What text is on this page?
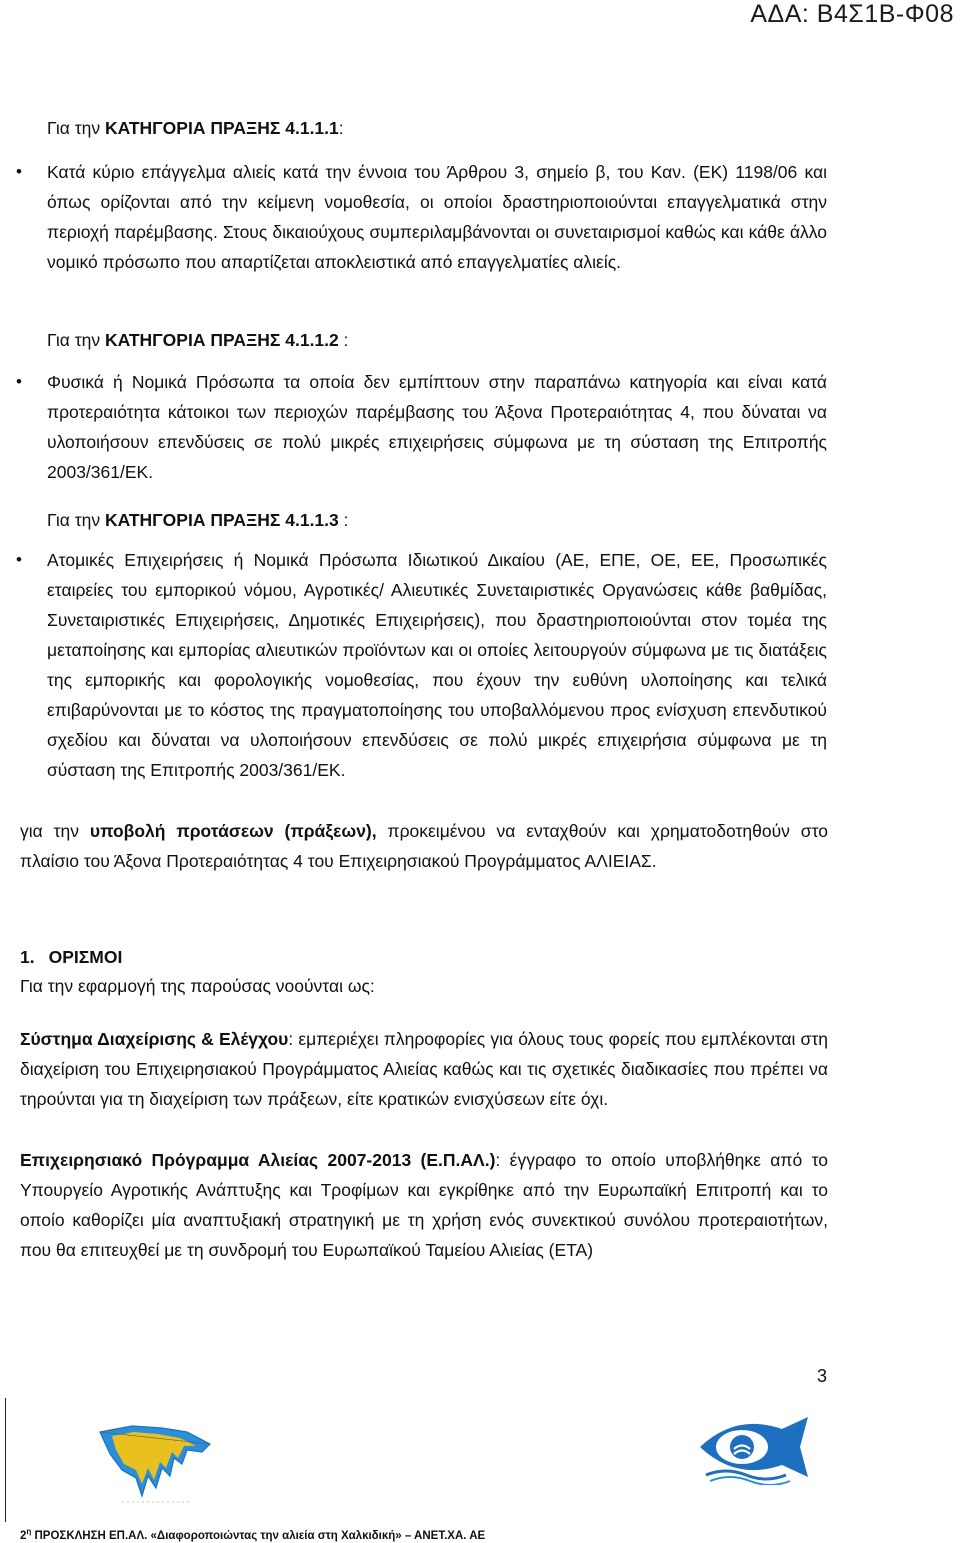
ΑΔΑ: Β4Σ1Β-Φ08
Για την ΚΑΤΗΓΟΡΙΑ ΠΡΑΞΗΣ 4.1.1.1:
• Κατά κύριο επάγγελμα αλιείς κατά την έννοια του Άρθρου 3, σημείο β, του Καν. (ΕΚ) 1198/06 και όπως ορίζονται από την κείμενη νομοθεσία, οι οποίοι δραστηριοποιούνται επαγγελματικά στην περιοχή παρέμβασης. Στους δικαιούχους συμπεριλαμβάνονται οι συνεταιρισμοί καθώς και κάθε άλλο νομικό πρόσωπο που απαρτίζεται αποκλειστικά από επαγγελματίες αλιείς.
Για την ΚΑΤΗΓΟΡΙΑ ΠΡΑΞΗΣ 4.1.1.2 :
• Φυσικά ή Νομικά Πρόσωπα τα οποία δεν εμπίπτουν στην παραπάνω κατηγορία και είναι κατά προτεραιότητα κάτοικοι των περιοχών παρέμβασης του Άξονα Προτεραιότητας 4, που δύναται να υλοποιήσουν επενδύσεις σε πολύ μικρές επιχειρήσεις σύμφωνα με τη σύσταση της Επιτροπής 2003/361/ΕΚ.
Για την ΚΑΤΗΓΟΡΙΑ ΠΡΑΞΗΣ 4.1.1.3 :
• Ατομικές Επιχειρήσεις ή Νομικά Πρόσωπα Ιδιωτικού Δικαίου (ΑΕ, ΕΠΕ, ΟΕ, ΕΕ, Προσωπικές εταιρείες του εμπορικού νόμου, Αγροτικές/ Αλιευτικές Συνεταιριστικές Οργανώσεις κάθε βαθμίδας, Συνεταιριστικές Επιχειρήσεις, Δημοτικές Επιχειρήσεις), που δραστηριοποιούνται στον τομέα της μεταποίησης και εμπορίας αλιευτικών προϊόντων και οι οποίες λειτουργούν σύμφωνα με τις διατάξεις της εμπορικής και φορολογικής νομοθεσίας, που έχουν την ευθύνη υλοποίησης και τελικά επιβαρύνονται με το κόστος της πραγματοποίησης του υποβαλλόμενου προς ενίσχυση επενδυτικού σχεδίου και δύναται να υλοποιήσουν επενδύσεις σε πολύ μικρές επιχειρήσια σύμφωνα με τη σύσταση της Επιτροπής 2003/361/ΕΚ.
για την υποβολή προτάσεων (πράξεων), προκειμένου να ενταχθούν και χρηματοδοτηθούν στο πλαίσιο του Άξονα Προτεραιότητας 4 του Επιχειρησιακού Προγράμματος ΑΛΙΕΙΑΣ.
1. ΟΡΙΣΜΟΙ
Για την εφαρμογή της παρούσας νοούνται ως:
Σύστημα Διαχείρισης & Ελέγχου: εμπεριέχει πληροφορίες για όλους τους φορείς που εμπλέκονται στη διαχείριση του Επιχειρησιακού Προγράμματος Αλιείας καθώς και τις σχετικές διαδικασίες που πρέπει να τηρούνται για τη διαχείριση των πράξεων, είτε κρατικών ενισχύσεων είτε όχι.
Επιχειρησιακό Πρόγραμμα Αλιείας 2007-2013 (Ε.Π.ΑΛ.): έγγραφο το οποίο υποβλήθηκε από το Υπουργείο Αγροτικής Ανάπτυξης και Τροφίμων και εγκρίθηκε από την Ευρωπαϊκή Επιτροπή και το οποίο καθορίζει μία αναπτυξιακή στρατηγική με τη χρήση ενός συνεκτικού συνόλου προτεραιοτήτων, που θα επιτευχθεί με τη συνδρομή του Ευρωπαϊκού Ταμείου Αλιείας (ΕΤΑ)
3
$2^\eta$ ΠΡΟΣΚΛΗΣΗ ΕΠ.ΑΛ. «Διαφοροποιώντας την αλιεία στη Χαλκιδική» – ΑΝΕΤ.ΧΑ. ΑΕ
